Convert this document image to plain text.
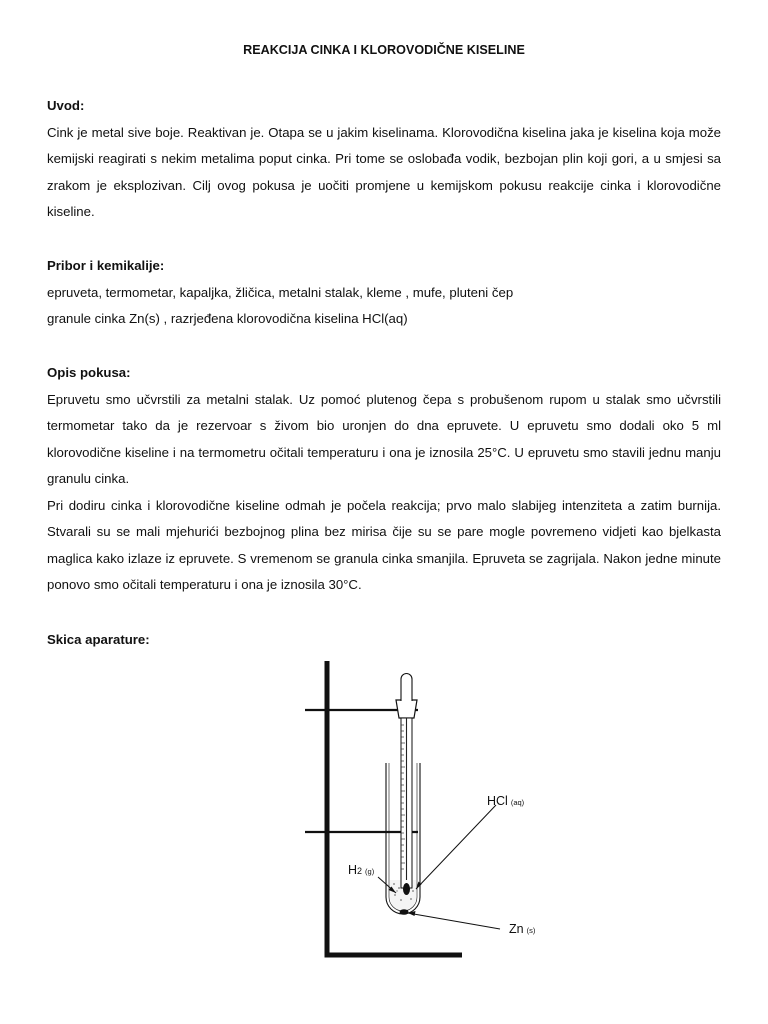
REAKCIJA CINKA I KLOROVODIČNE KISELINE
Uvod:
Cink je metal sive boje. Reaktivan je. Otapa se u jakim kiselinama. Klorovodična kiselina jaka je kiselina koja može kemijski reagirati s nekim metalima poput cinka. Pri tome se oslobađa vodik, bezbojan plin koji gori, a u smjesi sa zrakom je eksplozivan. Cilj ovog pokusa je uočiti promjene u kemijskom pokusu reakcije cinka i klorovodične kiseline.
Pribor i kemikalije:
epruveta, termometar, kapaljka, žličica, metalni stalak, kleme , mufe, pluteni čep
granule cinka Zn(s) , razrjeđena klorovodična kiselina HCl(aq)
Opis pokusa:
Epruvetu smo učvrstili za metalni stalak. Uz pomoć plutenog čepa s probušenom rupom u stalak smo učvrstili termometar tako da je rezervoar s živom bio uronjen do dna epruvete. U epruvetu smo dodali oko 5 ml klorovodične kiseline i na termometru očitali temperaturu i ona je iznosila 25°C. U epruvetu smo stavili jednu manju granulu cinka.
Pri dodiru cinka i klorovodične kiseline odmah je počela reakcija; prvo malo slabijeg intenziteta a zatim burnija. Stvarali su se mali mjehurići bezbojnog plina bez mirisa čije su se pare mogle povremeno vidjeti kao bjelkasta maglica kako izlaze iz epruvete. S vremenom se granula cinka smanjila. Epruveta se zagrijala. Nakon jedne minute ponovo smo očitali temperaturu i ona je iznosila 30°C.
Skica aparature:
HCl (aq)
H2 (g)
Zn (s)
